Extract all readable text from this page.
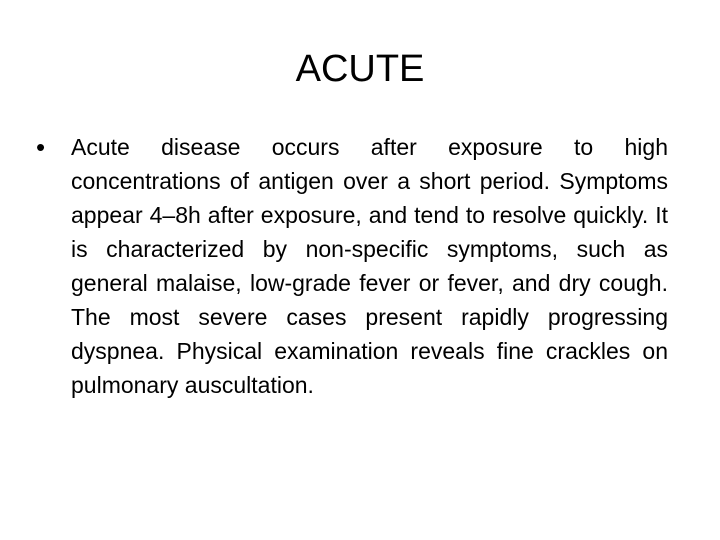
ACUTE

• Acute disease occurs after exposure to high concentrations of antigen over a short period. Symptoms appear 4–8h after exposure, and tend to resolve quickly. It is characterized by non-specific symptoms, such as general malaise, low-grade fever or fever, and dry cough. The most severe cases present rapidly progressing dyspnea. Physical examination reveals fine crackles on pulmonary auscultation.
